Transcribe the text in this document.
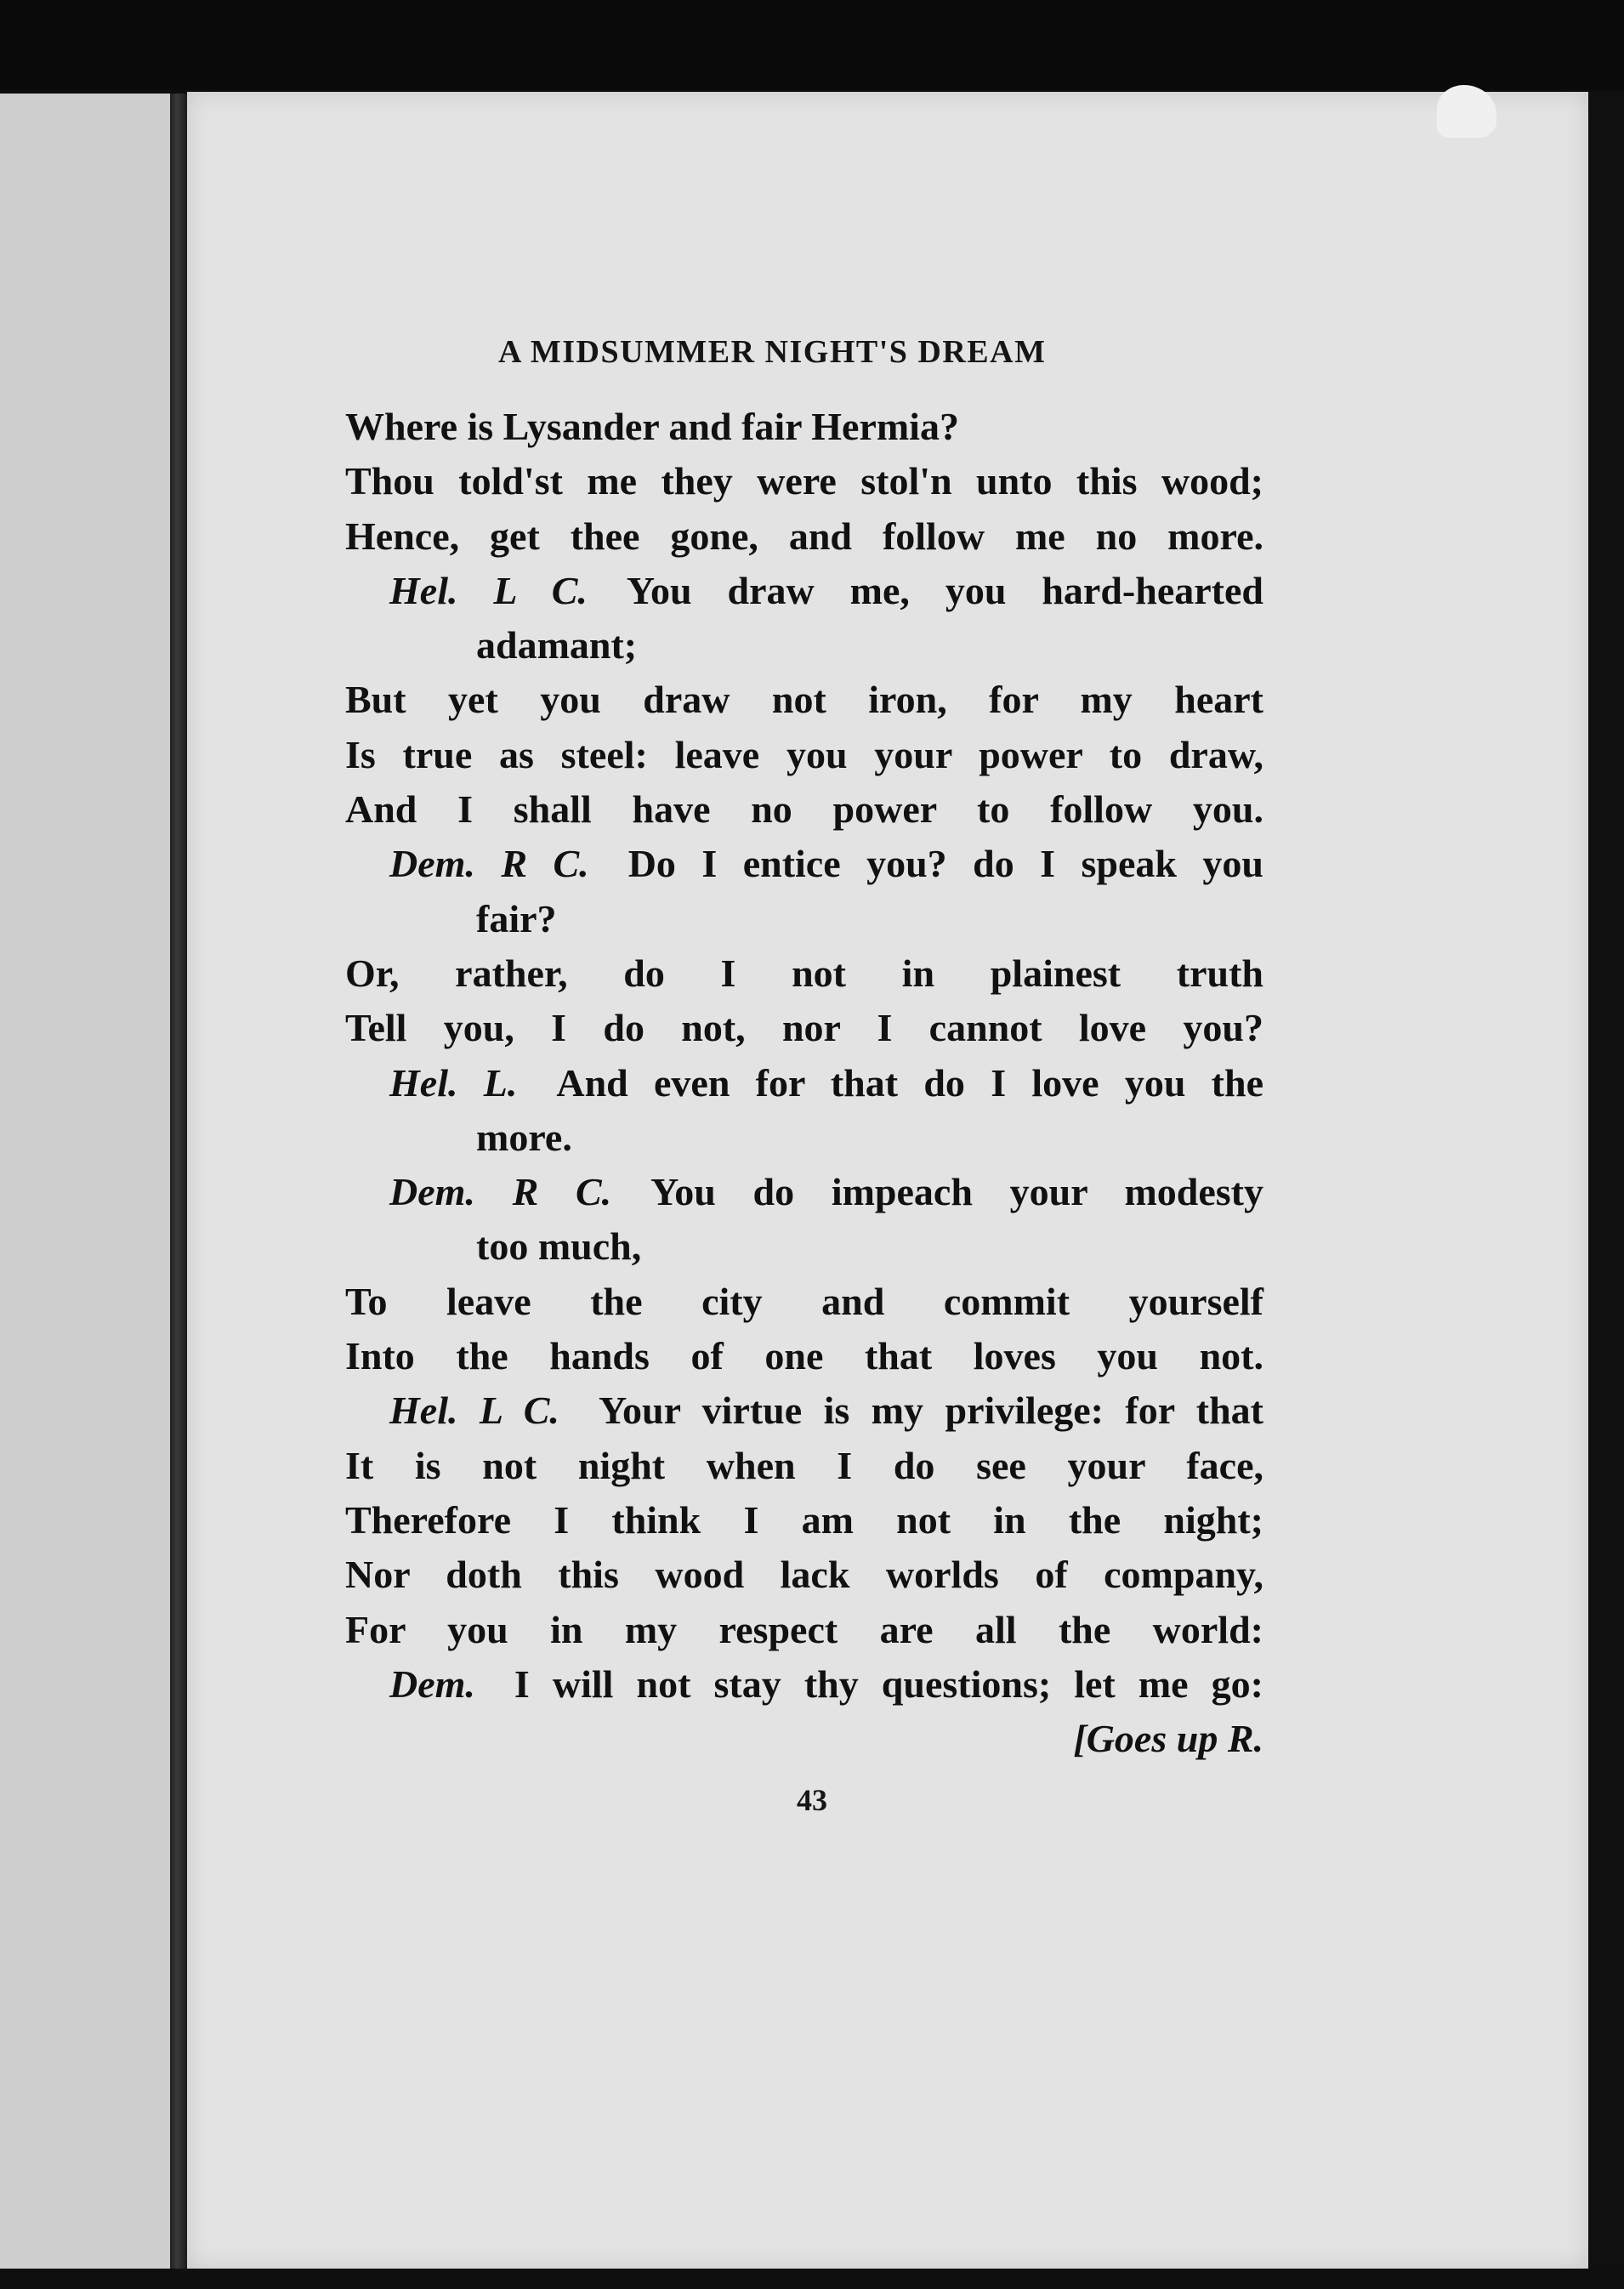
A MIDSUMMER NIGHT'S DREAM
Where is Lysander and fair Hermia?
Thou told'st me they were stol'n unto this wood;
Hence, get thee gone, and follow me no more.
Hel. L C.  You draw me, you hard-hearted
adamant;
But yet you draw not iron, for my heart
Is true as steel: leave you your power to draw,
And I shall have no power to follow you.
Dem. R C.  Do I entice you? do I speak you
fair?
Or, rather, do I not in plainest truth
Tell you, I do not, nor I cannot love you?
Hel. L.  And even for that do I love you the
more.
Dem. R C.  You do impeach your modesty
too much,
To leave the city and commit yourself
Into the hands of one that loves you not.
Hel. L C.  Your virtue is my privilege: for that
It is not night when I do see your face,
Therefore I think I am not in the night;
Nor doth this wood lack worlds of company,
For you in my respect are all the world:
Dem.  I will not stay thy questions; let me go:
[Goes up R.
43
